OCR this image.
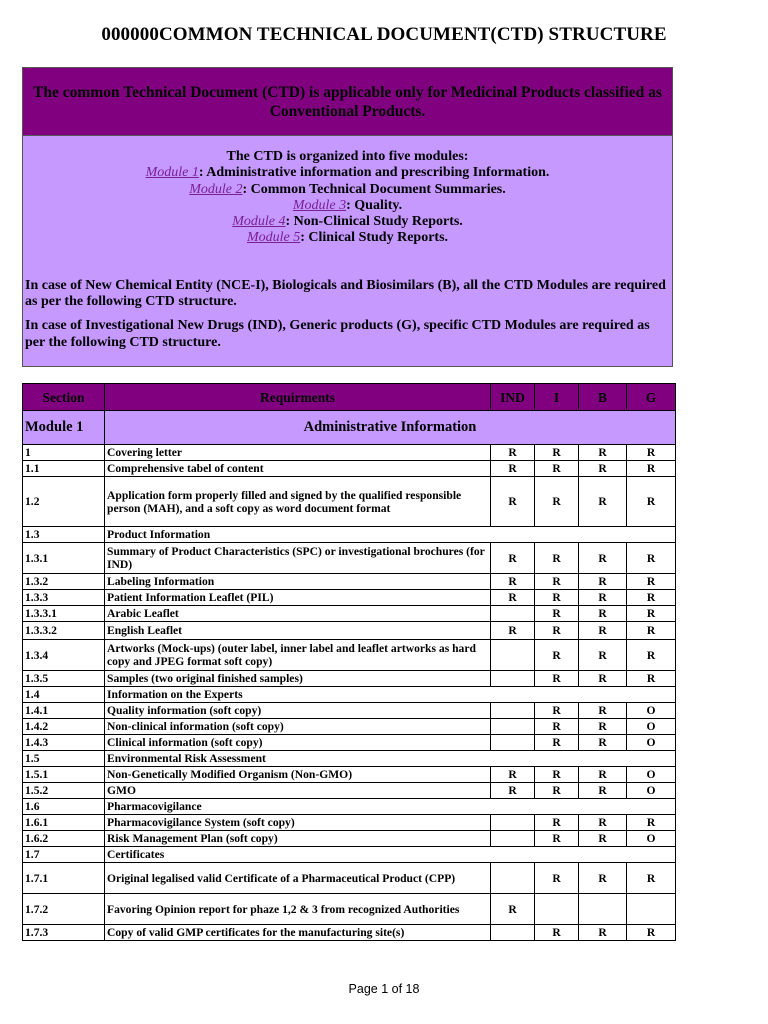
000000COMMON TECHNICAL DOCUMENT(CTD) STRUCTURE
The common Technical Document (CTD) is applicable only for Medicinal Products classified as Conventional Products.
The CTD is organized into five modules:
Module 1: Administrative information and prescribing Information.
Module 2: Common Technical Document Summaries.
Module 3: Quality.
Module 4: Non-Clinical Study Reports.
Module 5: Clinical Study Reports.
In case of New Chemical Entity (NCE-I), Biologicals and Biosimilars (B), all the CTD Modules are required as per the following CTD structure.
In case of Investigational New Drugs (IND), Generic products (G), specific CTD Modules are required as per the following CTD structure.
Section	Requirments	IND	I	B	G
Module 1	Administrative Information				
1	Covering letter	R	R	R	R
1.1	Comprehensive tabel of content	R	R	R	R
1.2	Application form properly filled and signed by the qualified responsible person (MAH), and a soft copy as word document format	R	R	R	R
1.3	Product Information				
1.3.1	Summary of Product Characteristics (SPC) or investigational brochures (for IND)	R	R	R	R
1.3.2	Labeling Information	R	R	R	R
1.3.3	Patient Information Leaflet (PIL)	R	R	R	R
1.3.3.1	Arabic Leaflet		R	R	R
1.3.3.2	English Leaflet	R	R	R	R
1.3.4	Artworks (Mock-ups) (outer label, inner label and leaflet artworks as hard copy and JPEG format soft copy)		R	R	R
1.3.5	Samples (two original finished samples)		R	R	R
1.4	Information on the Experts				
1.4.1	Quality information (soft copy)		R	R	O
1.4.2	Non-clinical information (soft copy)		R	R	O
1.4.3	Clinical information (soft copy)		R	R	O
1.5	Environmental Risk Assessment				
1.5.1	Non-Genetically Modified Organism (Non-GMO)	R	R	R	O
1.5.2	GMO	R	R	R	O
1.6	Pharmacovigilance				
1.6.1	Pharmacovigilance System (soft copy)		R	R	R
1.6.2	Risk Management Plan (soft copy)		R	R	O
1.7	Certificates				
1.7.1	Original legalised valid Certificate of a Pharmaceutical Product (CPP)		R	R	R
1.7.2	Favoring Opinion report for phaze 1,2 & 3 from recognized Authorities	R			
1.7.3	Copy of valid GMP certificates for the manufacturing site(s)		R	R	R
Page 1 of 18
